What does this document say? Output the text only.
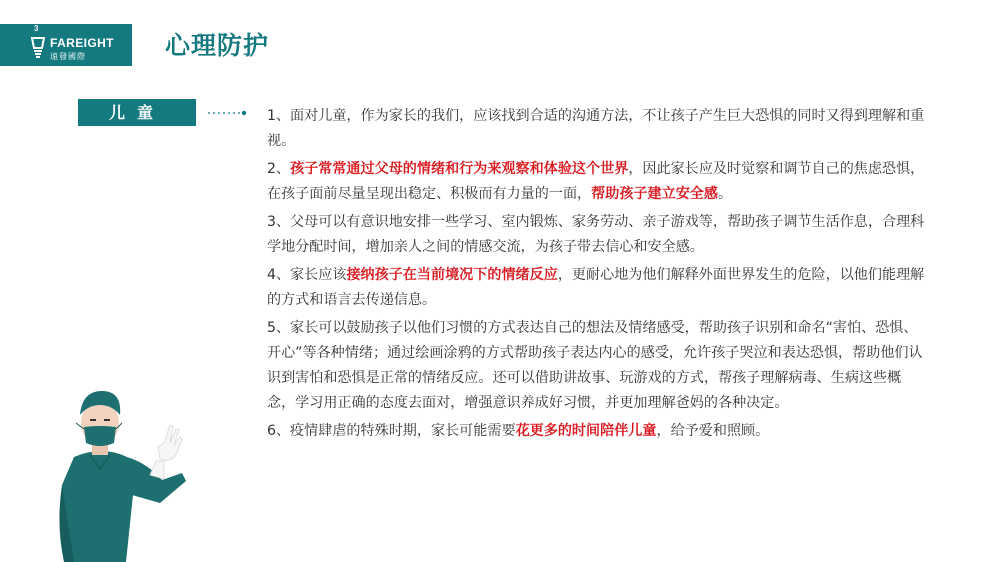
3
FAREIGHT
遠發國際	心理防护
儿童	1、面对儿童，作为家长的我们，应该找到合适的沟通方法，不让孩子产生巨大恐惧的同时又得到理解和重视。

2、孩子常常通过父母的情绪和行为来观察和体验这个世界，因此家长应及时觉察和调节自己的焦虑恐惧，在孩子面前尽量呈现出稳定、积极而有力量的一面，帮助孩子建立安全感。

3、父母可以有意识地安排一些学习、室内锻炼、家务劳动、亲子游戏等，帮助孩子调节生活作息，合理科学地分配时间，增加亲人之间的情感交流，为孩子带去信心和安全感。

4、家长应该接纳孩子在当前境况下的情绪反应，更耐心地为他们解释外面世界发生的危险，以他们能理解的方式和语言去传递信息。

5、家长可以鼓励孩子以他们习惯的方式表达自己的想法及情绪感受，帮助孩子识别和命名“害怕、恐惧、开心”等各种情绪；通过绘画涂鸦的方式帮助孩子表达内心的感受，允许孩子哭泣和表达恐惧，帮助他们认识到害怕和恐惧是正常的情绪反应。还可以借助讲故事、玩游戏的方式，帮孩子理解病毒、生病这些概念，学习用正确的态度去面对，增强意识养成好习惯，并更加理解爸妈的各种决定。

6、疫情肆虐的特殊时期，家长可能需要花更多的时间陪伴儿童，给予爱和照顾。
